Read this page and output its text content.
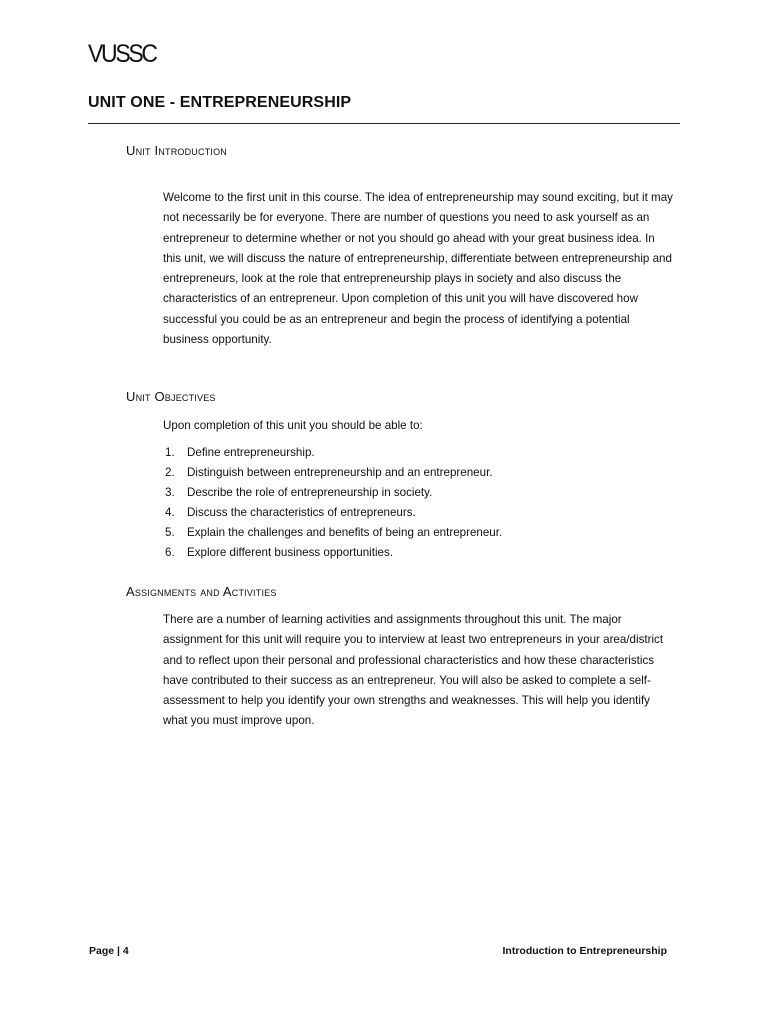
VUSSC
UNIT ONE - ENTREPRENEURSHIP
Unit Introduction

Welcome to the first unit in this course. The idea of entrepreneurship may sound exciting, but it may not necessarily be for everyone. There are number of questions you need to ask yourself as an entrepreneur to determine whether or not you should go ahead with your great business idea. In this unit, we will discuss the nature of entrepreneurship, differentiate between entrepreneurship and entrepreneurs, look at the role that entrepreneurship plays in society and also discuss the characteristics of an entrepreneur. Upon completion of this unit you will have discovered how successful you could be as an entrepreneur and begin the process of identifying a potential business opportunity.

Unit Objectives

Upon completion of this unit you should be able to:

1.	Define entrepreneurship.
2.	Distinguish between entrepreneurship and an entrepreneur.
3.	Describe the role of entrepreneurship in society.
4.	Discuss the characteristics of entrepreneurs.
5.	Explain the challenges and benefits of being an entrepreneur.
6.	Explore different business opportunities.
Assignments and Activities

There are a number of learning activities and assignments throughout this unit. The major assignment for this unit will require you to interview at least two entrepreneurs in your area/district and to reflect upon their personal and professional characteristics and how these characteristics have contributed to their success as an entrepreneur. You will also be asked to complete a self-assessment to help you identify your own strengths and weaknesses. This will help you identify what you must improve upon.

Page | 4	Introduction to Entrepreneurship
